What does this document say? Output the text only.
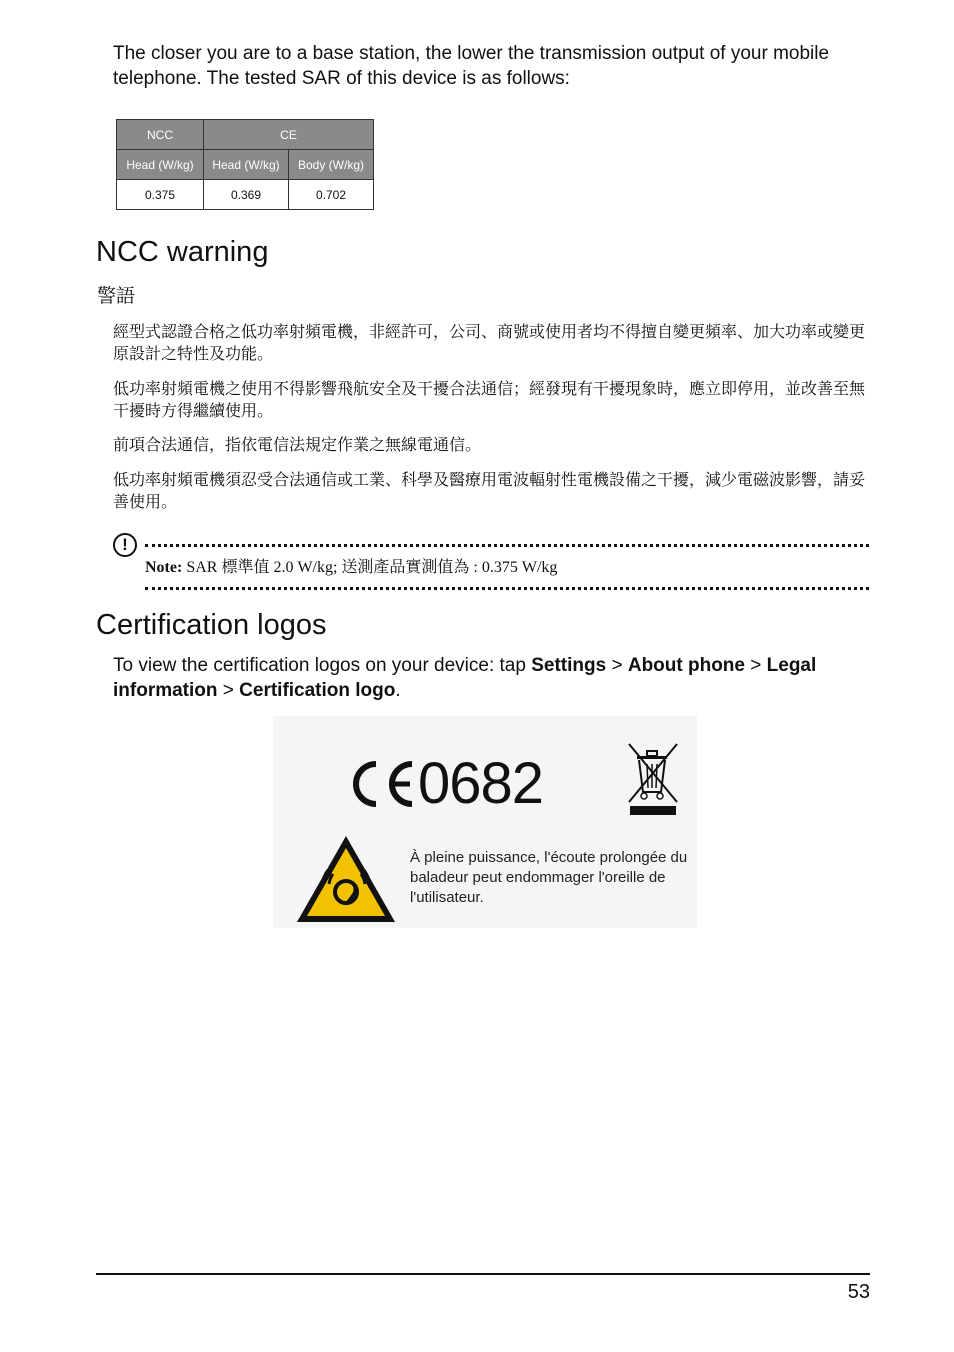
The closer you are to a base station, the lower the transmission output of your mobile telephone. The tested SAR of this device is as follows:
NCC	CE	
Head (W/kg)	Head (W/kg)	Body (W/kg)
0.375	0.369	0.702
NCC warning
警語
經型式認證合格之低功率射頻電機，非經許可，公司、商號或使用者均不得擅自變更頻率、加大功率或變更原設計之特性及功能。
低功率射頻電機之使用不得影響飛航安全及干擾合法通信；經發現有干擾現象時，應立即停用，並改善至無干擾時方得繼續使用。
前項合法通信，指依電信法規定作業之無線電通信。
低功率射頻電機須忍受合法通信或工業、科學及醫療用電波輻射性電機設備之干擾，減少電磁波影響，請妥善使用。
!
Note: SAR 標準值 2.0 W/kg; 送測產品實測值為 : 0.375 W/kg
Certification logos
To view the certification logos on your device: tap Settings > About phone > Legal information > Certification logo.
0682
À pleine puissance, l'écoute prolongée du baladeur peut endommager l'oreille de l'utilisateur.
53
